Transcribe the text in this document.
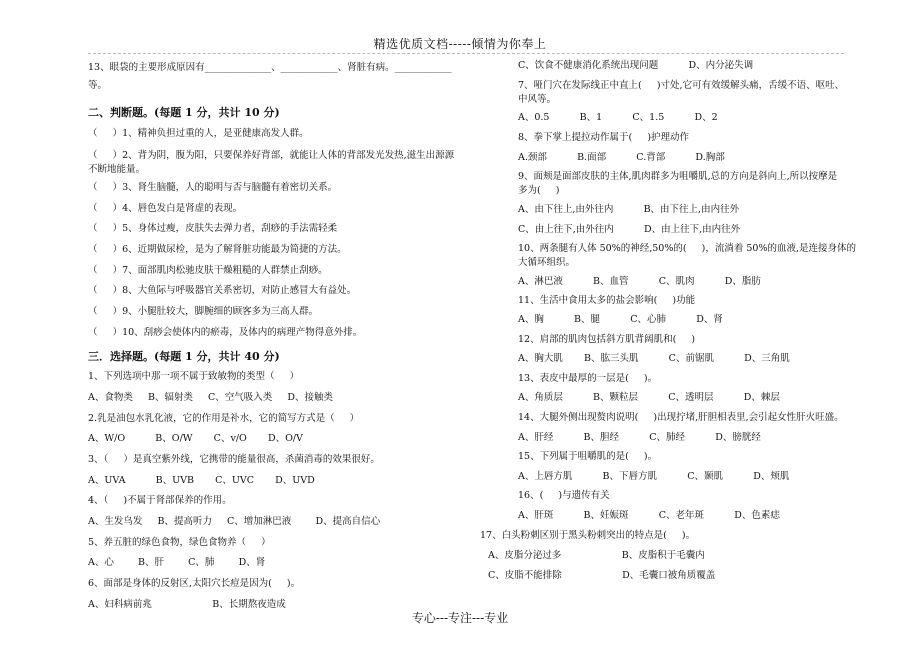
精选优质文档-----倾情为你奉上
13、眼袋的主要形成原因有______________、____________、肾脏有病。____________
等。
二、判断题。(每题 1 分，共计 10 分)
（     ）1、精神负担过重的人，是亚健康高发人群。
（     ）2、背为阴，腹为阳，只要保养好背部，就能让人体的背部发光发热,滋生出源源
不断地能量。
（     ）3、肾生脑髓，人的聪明与否与脑髓有着密切关系。
（     ）4、唇色发白是肾虚的表现。
（     ）5、身体过瘦，皮肤失去弹力者，刮痧的手法需轻柔
（     ）6、近期做尿检，是为了解肾脏功能最为简捷的方法。
（     ）7、面部肌肉松驰皮肤干燥粗糙的人群禁止刮痧。
（     ）8、大鱼际与呼吸器官关系密切，对防止感冒大有益处。
（     ）9、小腿肚较大，脚腕细的顾客多为三高人群。
（     ）10、刮痧会使体内的瘀毒，及体内的病理产物得意外排。
三．选择题。(每题 1 分，共计 40 分)
1、下列选项中那一项不属于致敏物的类型（     ）
A、食物类     B、辐射类     C、空气吸入类     D、接触类
2.乳是油包水乳化液，它的作用是补水，它的简写方式是（     ）
A、W/O          B、O/W       C、v/O       D、O/V
3、（     ）是真空紫外线，它携带的能量很高，杀菌消毒的效果很好。
A、UVA          B、UVB       C、UVC       D、UVD
4、（     )不属于肾部保养的作用。
A、生发乌发     B、提高听力     C、增加淋巴液        D、提高自信心
5、养五脏的绿色食物，绿色食物养（     ）
A、心        B、肝        C、肺        D、肾
6、面部是身体的反射区,太阳穴长痘是因为(     )。
A、妇科病前兆                    B、长期熬夜造成
C、饮食不健康消化系统出现问题          D、内分泌失调
7、哑门穴在发际线正中直上(     )寸处,它可有效缓解头痛，舌缓不语、呕吐、
中风等。
A、0.5          B、1          C、1.5          D、2
8、拳下掌上提拉动作属于(     )护理动作
A.颈部          B.面部          C.背部          D.胸部
9、面颊是面部皮肤的主体,肌肉群多为咀嚼肌,总的方向是斜向上,所以按摩是
多为(     )
A、由下往上,由外往内          B、由下往上,由内往外
C、由上往下,由外往内          D、由上往下,由内往外
10、两条腿有人体 50%的神经,50%的(     )，流淌着 50%的血液,是连接身体的
大循环组织。
A、淋巴液          B、血管          C、肌肉          D、脂肪
11、生活中食用太多的盐会影响(     )功能
A、胸          B、腿          C、心肺          D、肾
12、肩部的肌肉包括斜方肌背阔肌和(     )
A、胸大肌       B、肱三头肌          C、前锯肌          D、三角肌
13、表皮中最厚的一层是(     )。
A、角质层          B、颗粒层          C、透明层          D、棘层
14、大腿外侧出现赘肉说明(     )出现拧堵,肝胆相表里,会引起女性肝火旺盛。
A、肝经          B、胆经          C、肺经          D、膀胱经
15、下列属于咀嚼肌的是(     )。
A、上唇方肌          B、下唇方肌          C、颞肌          D、颊肌
16、(     )与遗传有关
A、肝斑          B、妊娠斑          C、老年斑          D、色素痣
17、白头粉刺区别于黑头粉刺突出的特点是(     )。
A、皮脂分泌过多                    B、皮脂积于毛囊内
C、皮脂不能排除                    D、毛囊口被角质覆盖
专心---专注---专业
